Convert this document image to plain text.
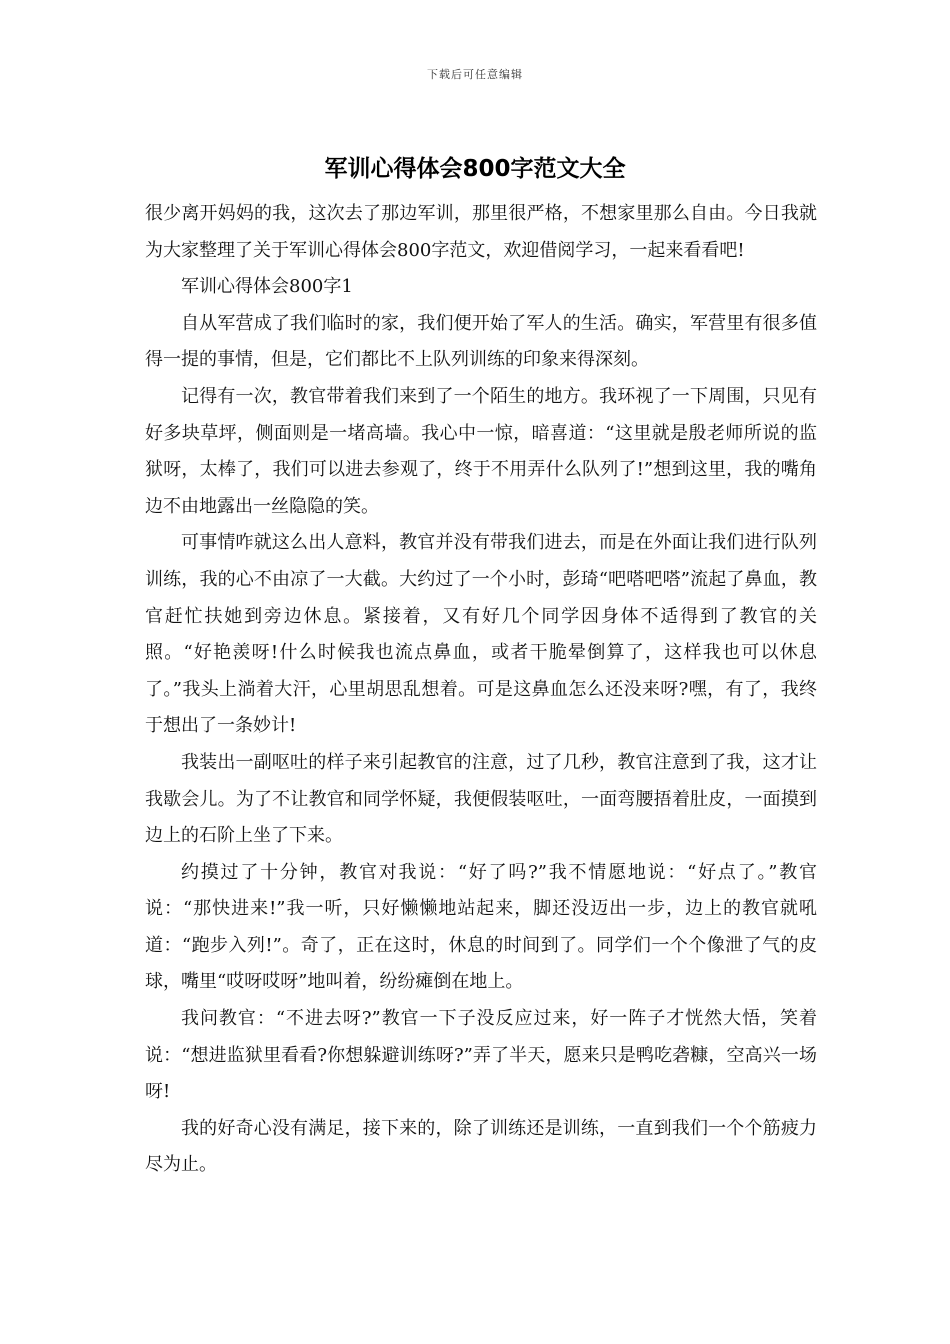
下载后可任意编辑
军训心得体会800字范文大全

很少离开妈妈的我，这次去了那边军训，那里很严格，不想家里那么自由。今日我就为大家整理了关于军训心得体会800字范文，欢迎借阅学习，一起来看看吧!

军训心得体会800字1

自从军营成了我们临时的家，我们便开始了军人的生活。确实，军营里有很多值得一提的事情，但是，它们都比不上队列训练的印象来得深刻。

记得有一次，教官带着我们来到了一个陌生的地方。我环视了一下周围，只见有好多块草坪，侧面则是一堵高墙。我心中一惊，暗喜道：“这里就是殷老师所说的监狱呀，太棒了，我们可以进去参观了，终于不用弄什么队列了!”想到这里，我的嘴角边不由地露出一丝隐隐的笑。

可事情咋就这么出人意料，教官并没有带我们进去，而是在外面让我们进行队列训练，我的心不由凉了一大截。大约过了一个小时，彭琦“吧嗒吧嗒”流起了鼻血，教官赶忙扶她到旁边休息。紧接着，又有好几个同学因身体不适得到了教官的关照。“好艳羡呀!什么时候我也流点鼻血，或者干脆晕倒算了，这样我也可以休息了。”我头上淌着大汗，心里胡思乱想着。可是这鼻血怎么还没来呀?嘿，有了，我终于想出了一条妙计!

我装出一副呕吐的样子来引起教官的注意，过了几秒，教官注意到了我，这才让我歇会儿。为了不让教官和同学怀疑，我便假装呕吐，一面弯腰捂着肚皮，一面摸到边上的石阶上坐了下来。

约摸过了十分钟，教官对我说：“好了吗?”我不情愿地说：“好点了。”教官说：“那快进来!”我一听，只好懒懒地站起来，脚还没迈出一步，边上的教官就吼道：“跑步入列!”。奇了，正在这时，休息的时间到了。同学们一个个像泄了气的皮球，嘴里“哎呀哎呀”地叫着，纷纷瘫倒在地上。

我问教官：“不进去呀?”教官一下子没反应过来，好一阵子才恍然大悟，笑着说：“想进监狱里看看?你想躲避训练呀?”弄了半天，愿来只是鸭吃砻糠，空高兴一场呀!

我的好奇心没有满足，接下来的，除了训练还是训练，一直到我们一个个筋疲力尽为止。
